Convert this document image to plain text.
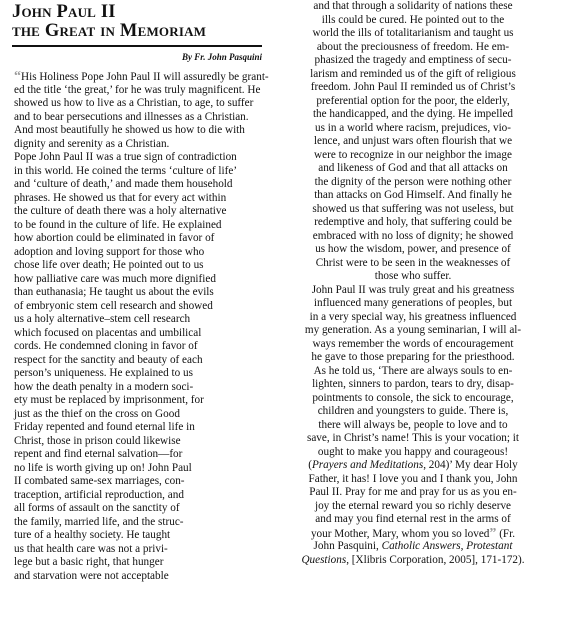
John Paul II
the Great in Memoriam
By Fr. John Pasquini
“His Holiness Pope John Paul II will assuredly be grant-
ed the title ‘the great,’ for he was truly magnificent. He
showed us how to live as a Christian, to age, to suffer
and to bear persecutions and illnesses as a Christian.
And most beautifully he showed us how to die with
dignity and serenity as a Christian.
Pope John Paul II was a true sign of contradiction
in this world. He coined the terms ‘culture of life’
and ‘culture of death,’ and made them household
phrases. He showed us that for every act within
the culture of death there was a holy alternative
to be found in the culture of life. He explained
how abortion could be eliminated in favor of
adoption and loving support for those who
chose life over death; He pointed out to us
how palliative care was much more dignified
than euthanasia; He taught us about the evils
of embryonic stem cell research and showed
us a holy alternative–stem cell research
which focused on placentas and umbilical
cords. He condemned cloning in favor of
respect for the sanctity and beauty of each
person’s uniqueness. He explained to us
how the death penalty in a modern soci-
ety must be replaced by imprisonment, for
just as the thief on the cross on Good
Friday repented and found eternal life in
Christ, those in prison could likewise
repent and find eternal salvation—for
no life is worth giving up on! John Paul
II combated same-sex marriages, con-
traception, artificial reproduction, and
all forms of assault on the sanctity of
the family, married life, and the struc-
ture of a healthy society. He taught
us that health care was not a privi-
lege but a basic right, that hunger
and starvation were not acceptable
and that through a solidarity of nations these
ills could be cured. He pointed out to the
world the ills of totalitarianism and taught us
about the preciousness of freedom. He em-
phasized the tragedy and emptiness of secu-
larism and reminded us of the gift of religious
freedom. John Paul II reminded us of Christ’s
preferential option for the poor, the elderly,
the handicapped, and the dying. He impelled
us in a world where racism, prejudices, vio-
lence, and unjust wars often flourish that we
were to recognize in our neighbor the image
and likeness of God and that all attacks on
the dignity of the person were nothing other
than attacks on God Himself. And finally he
showed us that suffering was not useless, but
redemptive and holy, that suffering could be
embraced with no loss of dignity; he showed
us how the wisdom, power, and presence of
Christ were to be seen in the weaknesses of
those who suffer.
John Paul II was truly great and his greatness
influenced many generations of peoples, but
in a very special way, his greatness influenced
my generation. As a young seminarian, I will al-
ways remember the words of encouragement
he gave to those preparing for the priesthood.
As he told us, ‘There are always souls to en-
lighten, sinners to pardon, tears to dry, disap-
pointments to console, the sick to encourage,
children and youngsters to guide. There is,
there will always be, people to love and to
save, in Christ’s name! This is your vocation; it
ought to make you happy and courageous!
(Prayers and Meditations, 204)’ My dear Holy
Father, it has! I love you and I thank you, John
Paul II. Pray for me and pray for us as you en-
joy the eternal reward you so richly deserve
and may you find eternal rest in the arms of
your Mother, Mary, whom you so loved” (Fr.
John Pasquini, Catholic Answers, Protestant
Questions, [Xlibris Corporation, 2005], 171-172).
